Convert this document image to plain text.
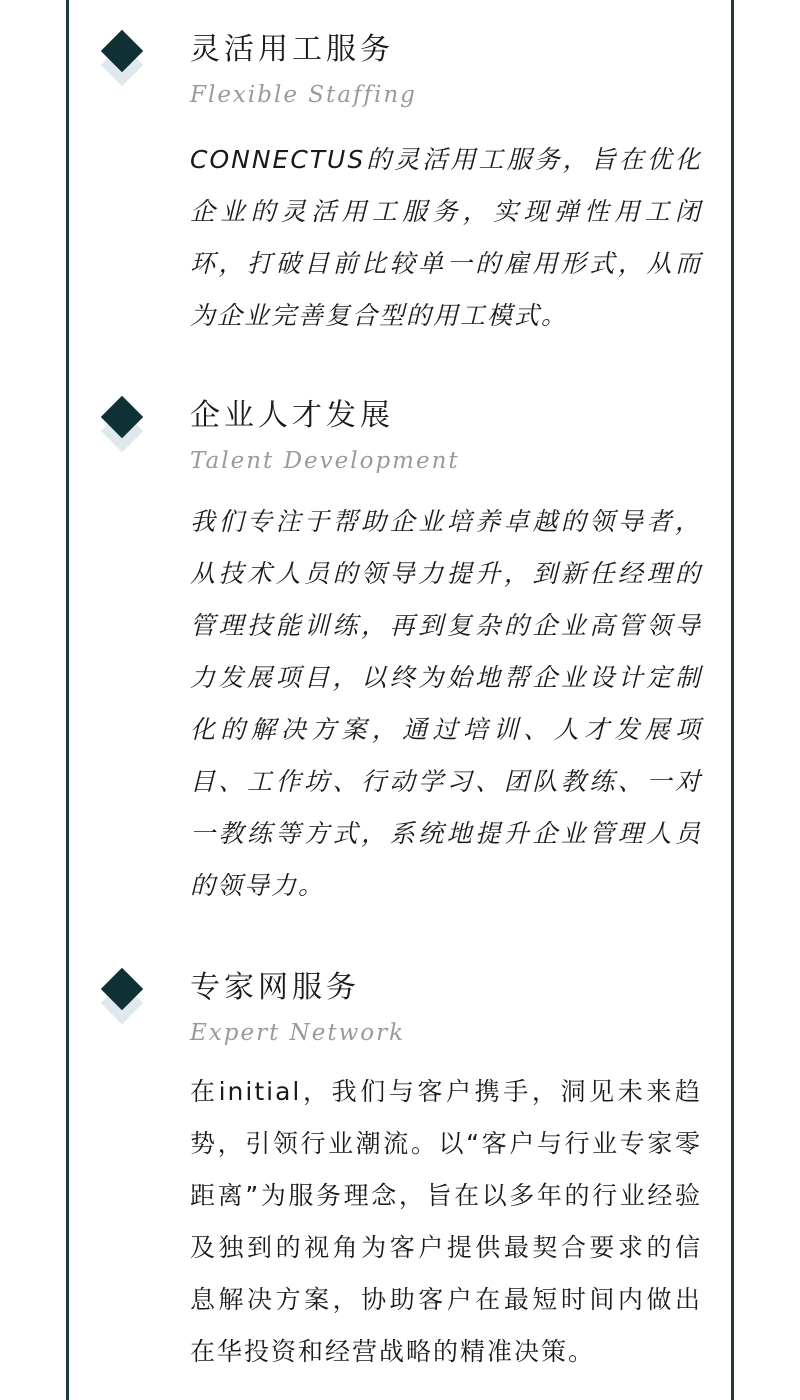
灵活用工服务
Flexible Staffing
CONNECTUS的灵活用工服务，旨在优化企业的灵活用工服务，实现弹性用工闭环，打破目前比较单一的雇用形式，从而为企业完善复合型的用工模式。
企业人才发展
Talent Development
我们专注于帮助企业培养卓越的领导者，从技术人员的领导力提升，到新任经理的管理技能训练，再到复杂的企业高管领导力发展项目，以终为始地帮企业设计定制化的解决方案，通过培训、人才发展项目、工作坊、行动学习、团队教练、一对一教练等方式，系统地提升企业管理人员的领导力。
专家网服务
Expert Network
在initial，我们与客户携手，洞见未来趋势，引领行业潮流。以“客户与行业专家零距离”为服务理念，旨在以多年的行业经验及独到的视角为客户提供最契合要求的信息解决方案，协助客户在最短时间内做出在华投资和经营战略的精准决策。
